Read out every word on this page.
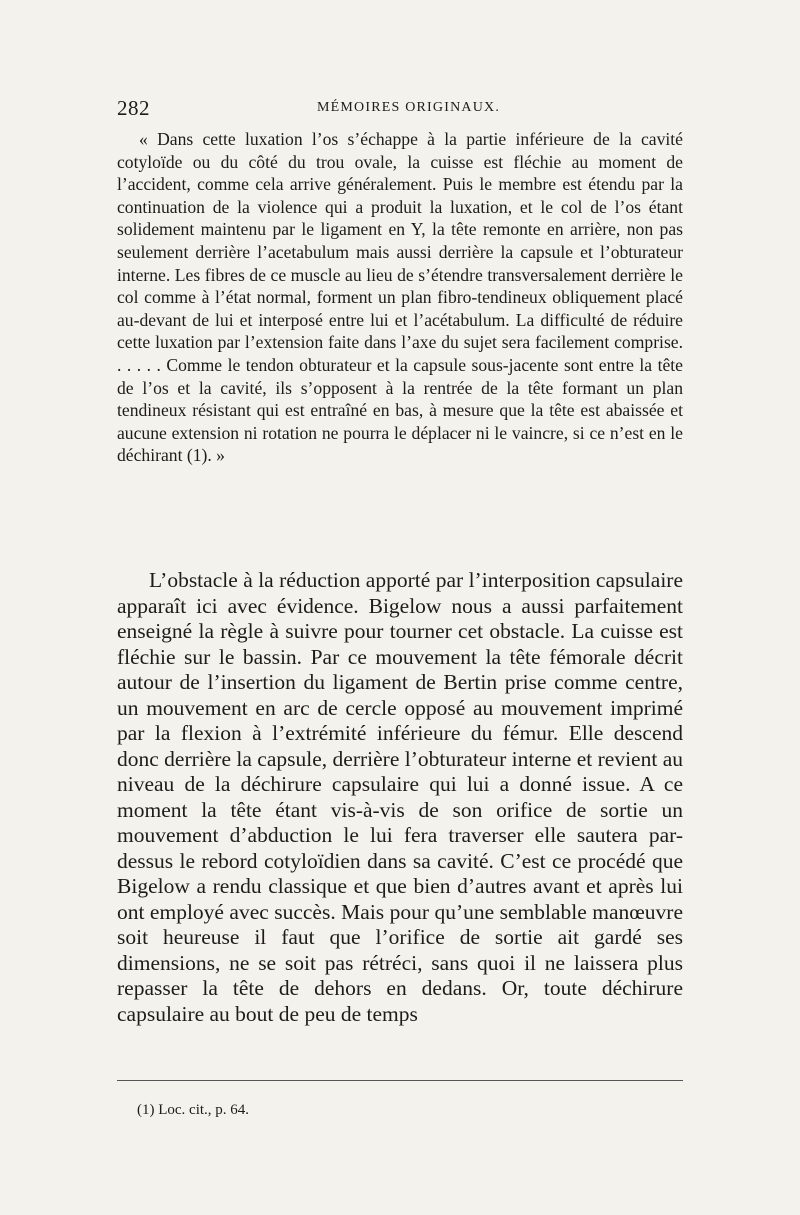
282	MÉMOIRES ORIGINAUX.

« Dans cette luxation l’os s’échappe à la partie inférieure de la cavité cotyloïde ou du côté du trou ovale, la cuisse est fléchie au moment de l’accident, comme cela arrive généralement. Puis le membre est étendu par la continuation de la violence qui a produit la luxation, et le col de l’os étant solidement maintenu par le ligament en Y, la tête remonte en arrière, non pas seulement derrière l’acetabulum mais aussi derrière la capsule et l’obturateur interne. Les fibres de ce muscle au lieu de s’étendre transversalement derrière le col comme à l’état normal, forment un plan fibro-tendineux obliquement placé au-devant de lui et interposé entre lui et l’acétabulum. La difficulté de réduire cette luxation par l’extension faite dans l’axe du sujet sera facilement comprise. . . . . . Comme le tendon obturateur et la capsule sous-jacente sont entre la tête de l’os et la cavité, ils s’opposent à la rentrée de la tête formant un plan tendineux résistant qui est entraîné en bas, à mesure que la tête est abaissée et aucune extension ni rotation ne pourra le déplacer ni le vaincre, si ce n’est en le déchirant (1). »

L’obstacle à la réduction apporté par l’interposition capsulaire apparaît ici avec évidence. Bigelow nous a aussi parfaitement enseigné la règle à suivre pour tourner cet obstacle. La cuisse est fléchie sur le bassin. Par ce mouvement la tête fémorale décrit autour de l’insertion du ligament de Bertin prise comme centre, un mouvement en arc de cercle opposé au mouvement imprimé par la flexion à l’extrémité inférieure du fémur. Elle descend donc derrière la capsule, derrière l’obturateur interne et revient au niveau de la déchirure capsulaire qui lui a donné issue. A ce moment la tête étant vis-à-vis de son orifice de sortie un mouvement d’abduction le lui fera traverser elle sautera par-dessus le rebord cotyloïdien dans sa cavité. C’est ce procédé que Bigelow a rendu classique et que bien d’autres avant et après lui ont employé avec succès. Mais pour qu’une semblable manœuvre soit heureuse il faut que l’orifice de sortie ait gardé ses dimensions, ne se soit pas rétréci, sans quoi il ne laissera plus repasser la tête de dehors en dedans. Or, toute déchirure capsulaire au bout de peu de temps

(1) Loc. cit., p. 64.
